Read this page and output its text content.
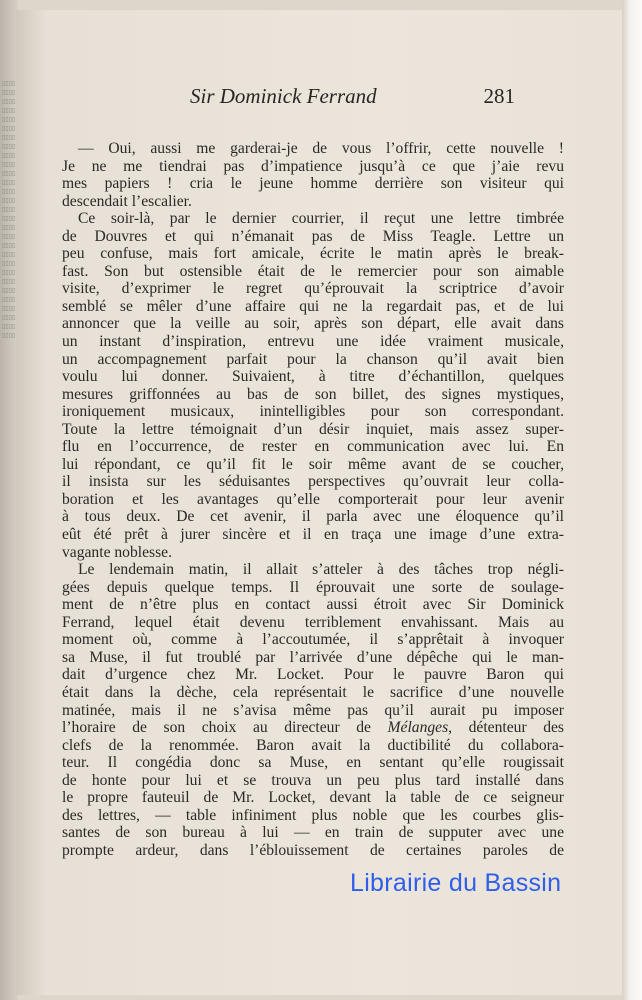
▯▯▯▯▯▯▯▯▯▯▯▯▯▯▯▯▯▯▯▯▯▯▯▯▯▯▯▯▯▯▯▯▯▯▯▯▯▯▯▯▯▯▯▯▯▯▯▯▯▯▯▯▯▯▯▯▯▯▯▯▯▯▯▯▯▯▯▯▯▯▯▯▯▯▯▯▯▯▯▯▯▯▯▯▯▯▯▯▯▯▯▯▯▯▯▯▯▯▯▯▯▯▯▯▯▯▯▯▯▯▯▯▯▯▯▯
Sir Dominick Ferrand	281
— Oui, aussi me garderai-je de vous l’offrir, cette nouvelle !
Je ne me tiendrai pas d’impatience jusqu’à ce que j’aie revu
mes papiers ! cria le jeune homme derrière son visiteur qui
descendait l’escalier.
Ce soir-là, par le dernier courrier, il reçut une lettre timbrée
de Douvres et qui n’émanait pas de Miss Teagle. Lettre un
peu confuse, mais fort amicale, écrite le matin après le break-
fast. Son but ostensible était de le remercier pour son aimable
visite, d’exprimer le regret qu’éprouvait la scriptrice d’avoir
semblé se mêler d’une affaire qui ne la regardait pas, et de lui
annoncer que la veille au soir, après son départ, elle avait dans
un instant d’inspiration, entrevu une idée vraiment musicale,
un accompagnement parfait pour la chanson qu’il avait bien
voulu lui donner. Suivaient, à titre d’échantillon, quelques
mesures griffonnées au bas de son billet, des signes mystiques,
ironiquement musicaux, inintelligibles pour son correspondant.
Toute la lettre témoignait d’un désir inquiet, mais assez super-
flu en l’occurrence, de rester en communication avec lui. En
lui répondant, ce qu’il fit le soir même avant de se coucher,
il insista sur les séduisantes perspectives qu’ouvrait leur colla-
boration et les avantages qu’elle comporterait pour leur avenir
à tous deux. De cet avenir, il parla avec une éloquence qu’il
eût été prêt à jurer sincère et il en traça une image d’une extra-
vagante noblesse.
Le lendemain matin, il allait s’atteler à des tâches trop négli-
gées depuis quelque temps. Il éprouvait une sorte de soulage-
ment de n’être plus en contact aussi étroit avec Sir Dominick
Ferrand, lequel était devenu terriblement envahissant. Mais au
moment où, comme à l’accoutumée, il s’apprêtait à invoquer
sa Muse, il fut troublé par l’arrivée d’une dépêche qui le man-
dait d’urgence chez Mr. Locket. Pour le pauvre Baron qui
était dans la dèche, cela représentait le sacrifice d’une nouvelle
matinée, mais il ne s’avisa même pas qu’il aurait pu imposer
l’horaire de son choix au directeur de Mélanges, détenteur des
clefs de la renommée. Baron avait la ductibilité du collabora-
teur. Il congédia donc sa Muse, en sentant qu’elle rougissait
de honte pour lui et se trouva un peu plus tard installé dans
le propre fauteuil de Mr. Locket, devant la table de ce seigneur
des lettres, — table infiniment plus noble que les courbes glis-
santes de son bureau à lui — en train de supputer avec une
prompte ardeur, dans l’éblouissement de certaines paroles de
Librairie du Bassin
